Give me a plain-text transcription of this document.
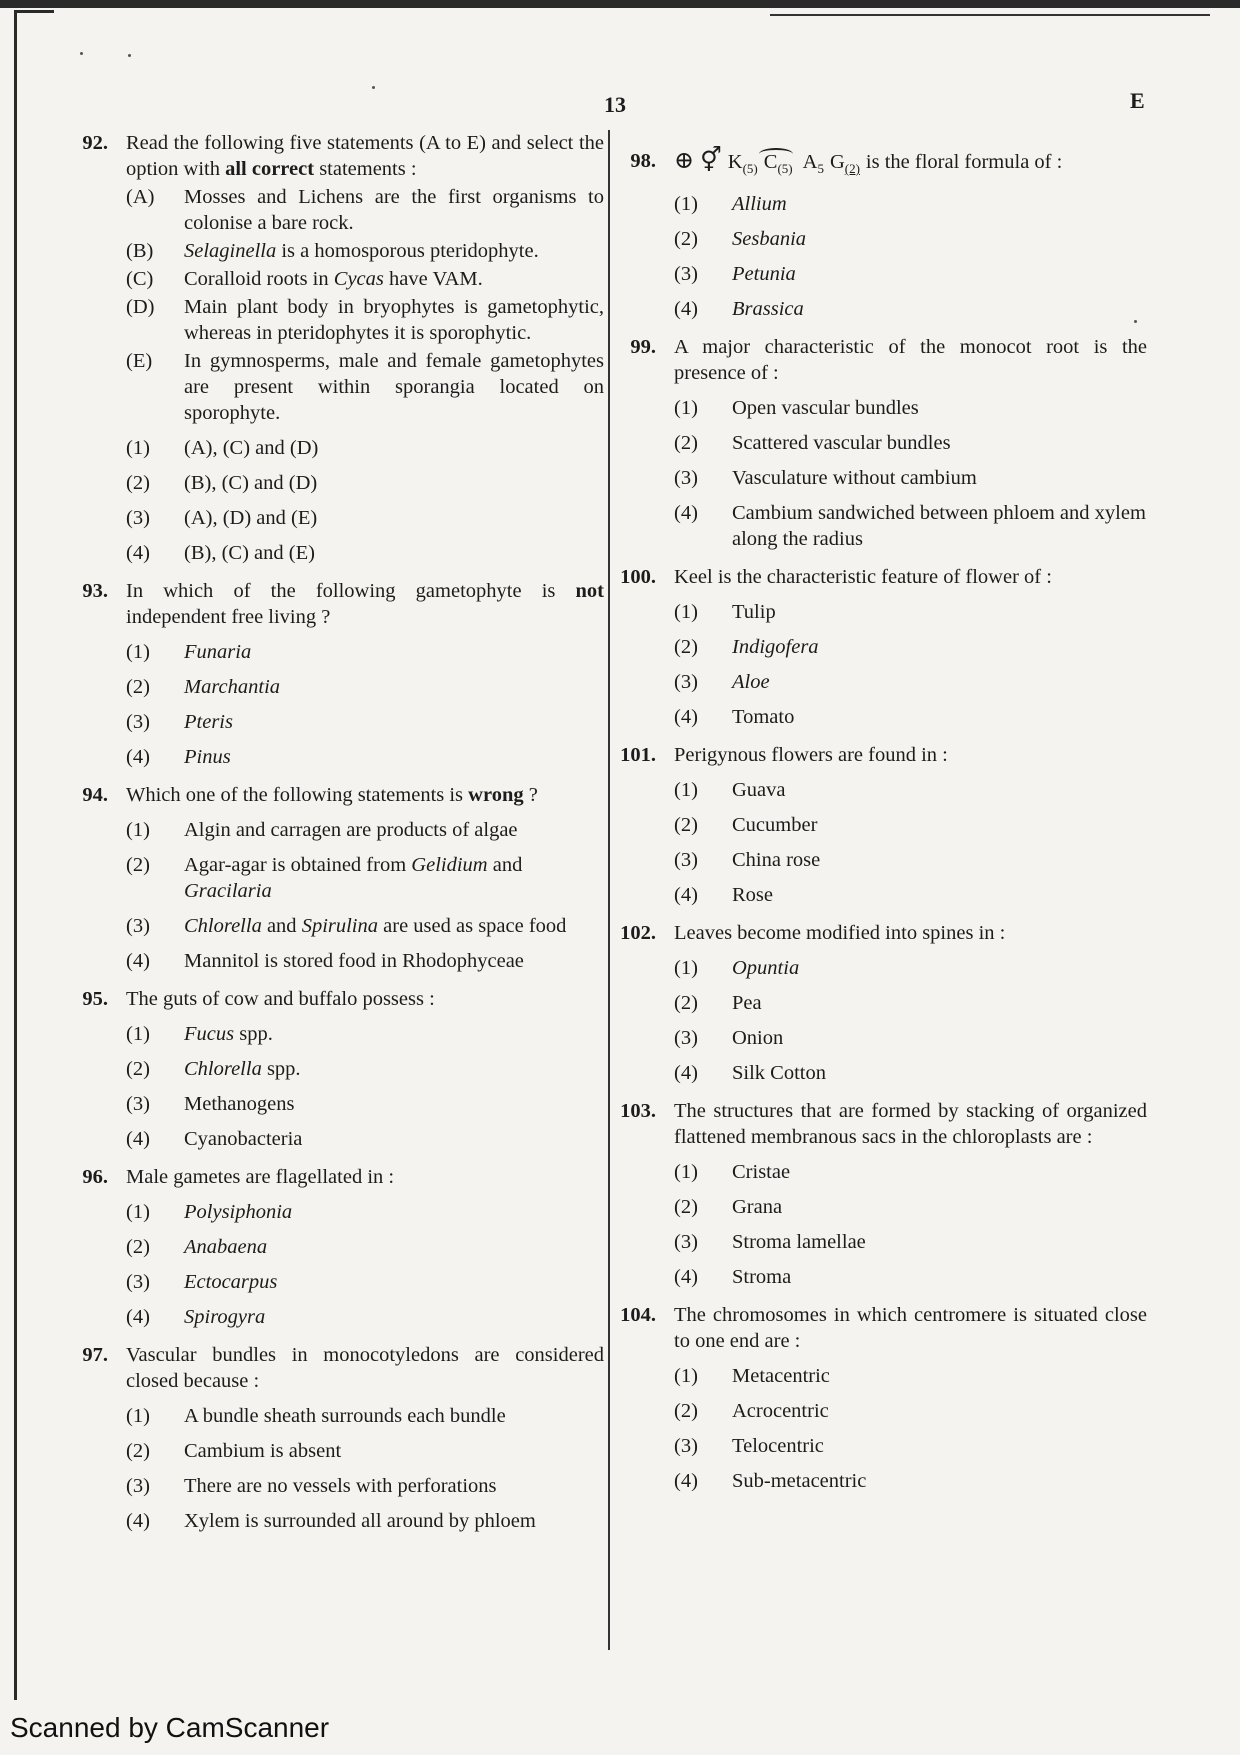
13	E
92. Read the following five statements (A to E) and select the option with all correct statements :
(A)	Mosses and Lichens are the first organisms to colonise a bare rock.
(B)	Selaginella is a homosporous pteridophyte.
(C)	Coralloid roots in Cycas have VAM.
(D)	Main plant body in bryophytes is gametophytic, whereas in pteridophytes it is sporophytic.
(E)	In gymnosperms, male and female gametophytes are present within sporangia located on sporophyte.
(1)	(A), (C) and (D)
(2)	(B), (C) and (D)
(3)	(A), (D) and (E)
(4)	(B), (C) and (E)
93. In which of the following gametophyte is not independent free living ?
(1)	Funaria
(2)	Marchantia
(3)	Pteris
(4)	Pinus
94. Which one of the following statements is wrong ?
(1)	Algin and carragen are products of algae
(2)	Agar-agar is obtained from Gelidium and Gracilaria
(3)	Chlorella and Spirulina are used as space food
(4)	Mannitol is stored food in Rhodophyceae
95. The guts of cow and buffalo possess :
(1)	Fucus spp.
(2)	Chlorella spp.
(3)	Methanogens
(4)	Cyanobacteria
96. Male gametes are flagellated in :
(1)	Polysiphonia
(2)	Anabaena
(3)	Ectocarpus
(4)	Spirogyra
97. Vascular bundles in monocotyledons are considered closed because :
(1)	A bundle sheath surrounds each bundle
(2)	Cambium is absent
(3)	There are no vessels with perforations
(4)	Xylem is surrounded all around by phloem
98. ⊕ ⚥ $K_{(5)}$ $C_{(5)}$ $A_5$ $G_{(2)}$ is the floral formula of :
(1)	Allium
(2)	Sesbania
(3)	Petunia
(4)	Brassica
99. A major characteristic of the monocot root is the presence of :
(1)	Open vascular bundles
(2)	Scattered vascular bundles
(3)	Vasculature without cambium
(4)	Cambium sandwiched between phloem and xylem along the radius
100. Keel is the characteristic feature of flower of :
(1)	Tulip
(2)	Indigofera
(3)	Aloe
(4)	Tomato
101. Perigynous flowers are found in :
(1)	Guava
(2)	Cucumber
(3)	China rose
(4)	Rose
102. Leaves become modified into spines in :
(1)	Opuntia
(2)	Pea
(3)	Onion
(4)	Silk Cotton
103. The structures that are formed by stacking of organized flattened membranous sacs in the chloroplasts are :
(1)	Cristae
(2)	Grana
(3)	Stroma lamellae
(4)	Stroma
104. The chromosomes in which centromere is situated close to one end are :
(1)	Metacentric
(2)	Acrocentric
(3)	Telocentric
(4)	Sub-metacentric
Scanned by CamScanner
